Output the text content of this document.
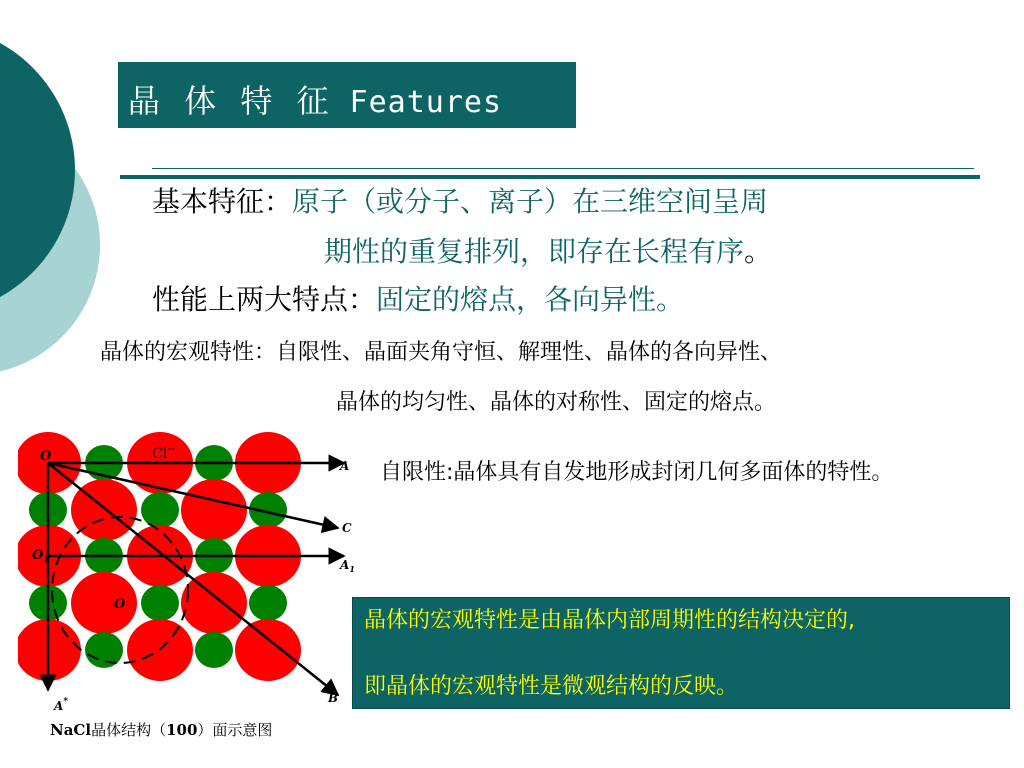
晶 体 特 征 Features
基本特征：原子（或分子、离子）在三维空间呈周
期性的重复排列，即存在长程有序。
性能上两大特点：固定的熔点，各向异性。
晶体的宏观特性：自限性、晶面夹角守恒、解理性、晶体的各向异性、
晶体的均匀性、晶体的对称性、固定的熔点。
自限性:晶体具有自发地形成封闭几何多面体的特性。
O	Cl−
A
C
$O_1$	$A_1$
O
B
A*
NaCl晶体结构（100）面示意图
晶体的宏观特性是由晶体内部周期性的结构决定的,
即晶体的宏观特性是微观结构的反映。
